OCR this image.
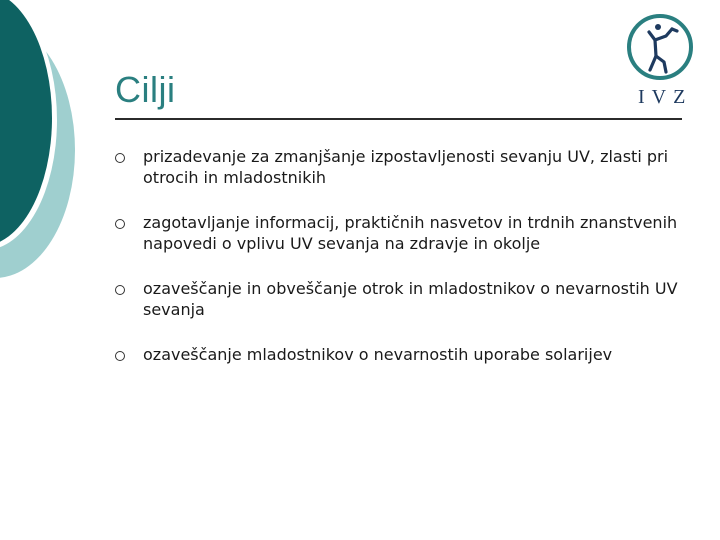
Cilji	IVZ
prizadevanje za zmanjšanje izpostavljenosti sevanju UV, zlasti pri otrocih in mladostnikih
zagotavljanje informacij, praktičnih nasvetov in trdnih znanstvenih napovedi o vplivu UV sevanja na zdravje in okolje
ozaveščanje in obveščanje otrok in mladostnikov o nevarnostih UV sevanja
ozaveščanje mladostnikov o nevarnostih uporabe solarijev
